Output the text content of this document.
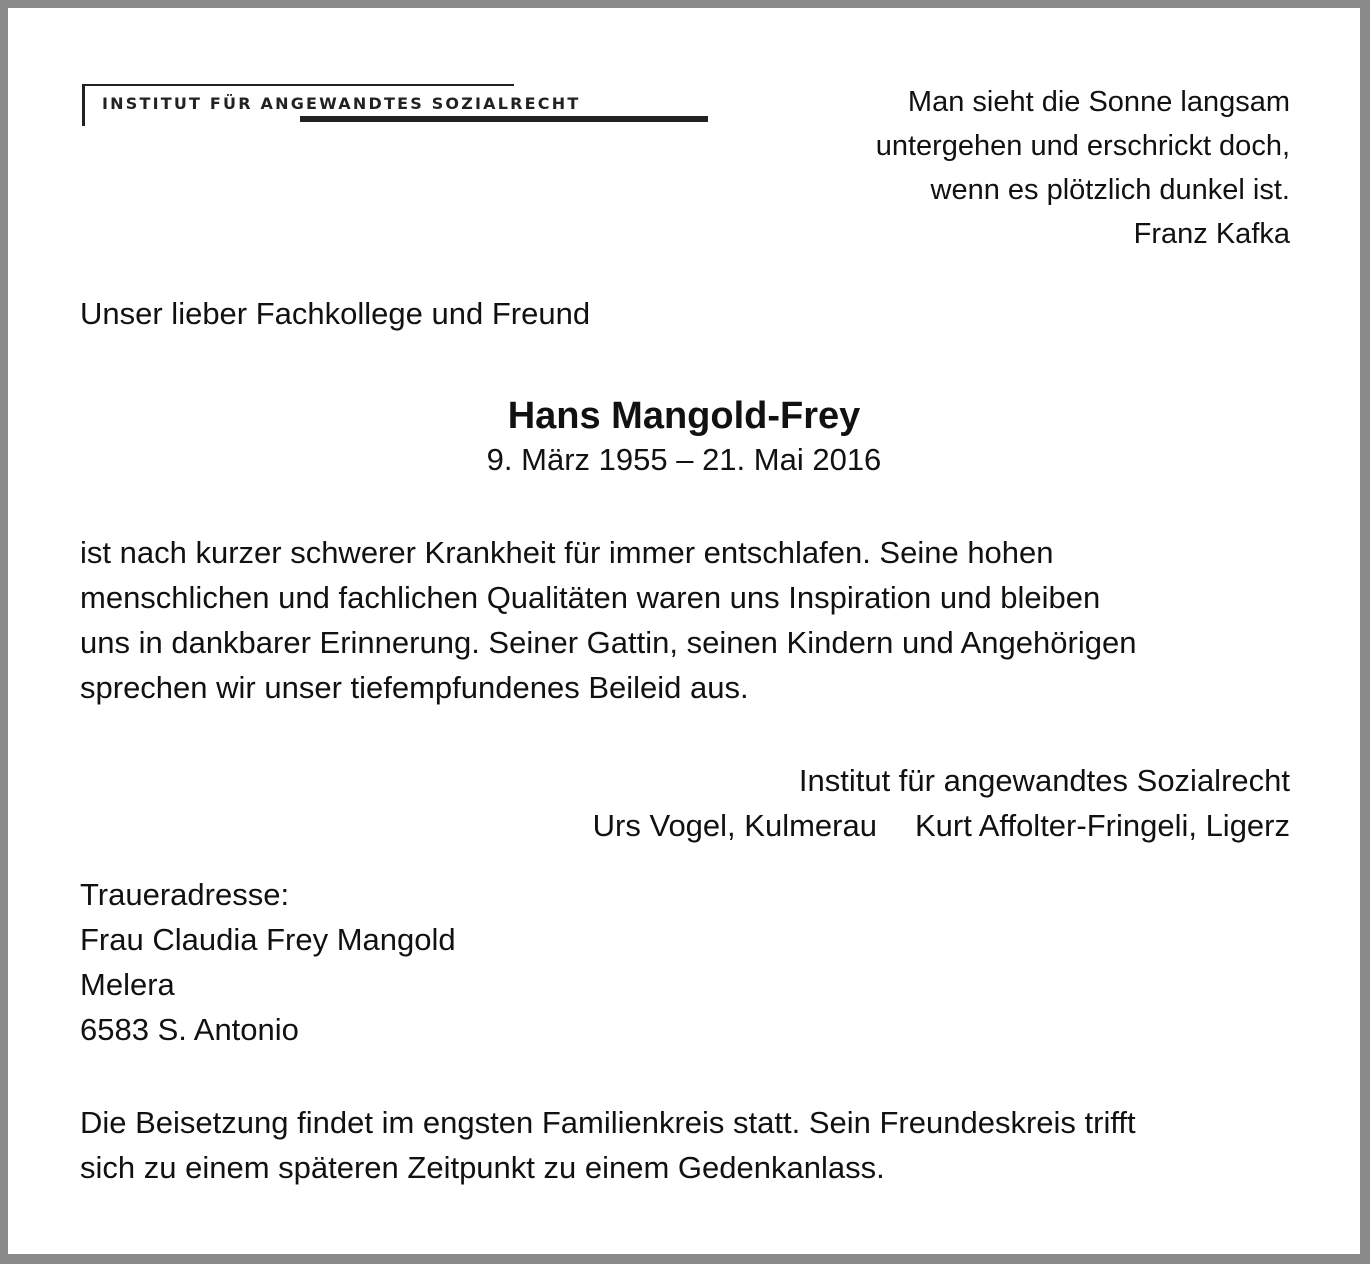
INSTITUT FÜR ANGEWANDTES SOZIALRECHT	Man sieht die Sonne langsam
untergehen und erschrickt doch,
wenn es plötzlich dunkel ist.
Franz Kafka
Unser lieber Fachkollege und Freund
Hans Mangold-Frey
9. März 1955 – 21. Mai 2016
ist nach kurzer schwerer Krankheit für immer entschlafen. Seine hohen
menschlichen und fachlichen Qualitäten waren uns Inspiration und bleiben
uns in dankbarer Erinnerung. Seiner Gattin, seinen Kindern und Angehörigen
sprechen wir unser tiefempfundenes Beileid aus.
Institut für angewandtes Sozialrecht
Urs Vogel, Kulmerau Kurt Affolter-Fringeli, Ligerz
Traueradresse:
Frau Claudia Frey Mangold
Melera
6583 S. Antonio
Die Beisetzung findet im engsten Familienkreis statt. Sein Freundeskreis trifft
sich zu einem späteren Zeitpunkt zu einem Gedenkanlass.
